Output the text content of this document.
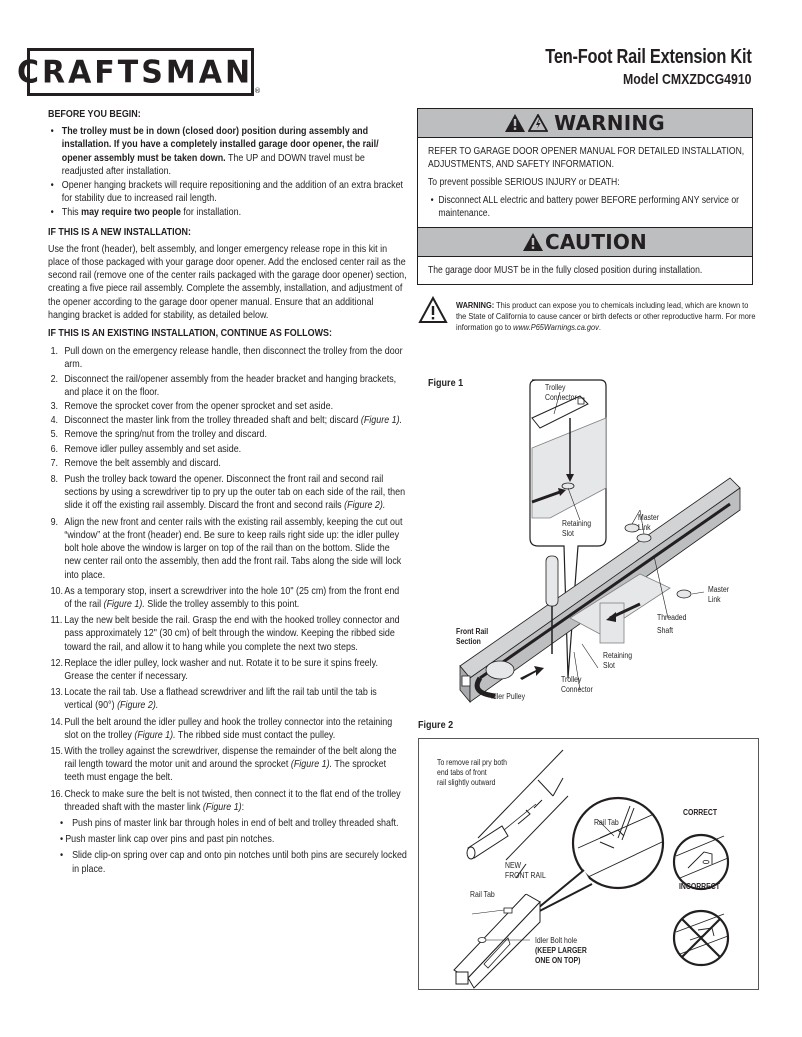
$CRAFTSMAN_®$
Ten-Foot Rail Extension Kit
Model CMXZDCG4910
BEFORE YOU BEGIN:
• The trolley must be in down (closed door) position during assembly and installation. If you have a completely installed garage door opener, the rail/ opener assembly must be taken down. The UP and DOWN travel must be readjusted after installation.
• Opener hanging brackets will require repositioning and the addition of an extra bracket for stability due to increased rail length.
• This may require two people for installation.
IF THIS IS A NEW INSTALLATION:
Use the front (header), belt assembly, and longer emergency release rope in this kit in place of those packaged with your garage door opener. Add the enclosed center rail as the second rail (remove one of the center rails packaged with the garage door opener) section, creating a five piece rail assembly. Complete the assembly, installation, and adjustment of the opener according to the garage door opener manual. Ensure that an additional hanging bracket is added for stability, as detailed below.
IF THIS IS AN EXISTING INSTALLATION, CONTINUE AS FOLLOWS:
1. Pull down on the emergency release handle, then disconnect the trolley from the door arm.
2. Disconnect the rail/opener assembly from the header bracket and hanging brackets, and place it on the floor.
3. Remove the sprocket cover from the opener sprocket and set aside.
4. Disconnect the master link from the trolley threaded shaft and belt; discard (Figure 1).
5. Remove the spring/nut from the trolley and discard.
6. Remove idler pulley assembly and set aside.
7. Remove the belt assembly and discard.
8. Push the trolley back toward the opener. Disconnect the front rail and second rail sections by using a screwdriver tip to pry up the outer tab on each side of the rail, then slide it off the existing rail assembly. Discard the front and second rails (Figure 2).
9. Align the new front and center rails with the existing rail assembly, keeping the cut out “window” at the front (header) end. Be sure to keep rails right side up: the idler pulley bolt hole above the window is larger on top of the rail than on the bottom. Slide the new center rail onto the assembly, then add the front rail. Tabs along the side will lock into place.
10. As a temporary stop, insert a screwdriver into the hole 10" (25 cm) from the front end of the rail (Figure 1). Slide the trolley assembly to this point.
11. Lay the new belt beside the rail. Grasp the end with the hooked trolley connector and pass approximately 12" (30 cm) of belt through the window. Keeping the ribbed side toward the rail, and allow it to hang while you complete the next two steps.
12. Replace the idler pulley, lock washer and nut. Rotate it to be sure it spins freely. Grease the center if necessary.
13. Locate the rail tab. Use a flathead screwdriver and lift the rail tab until the tab is vertical (90°) (Figure 2).
14. Pull the belt around the idler pulley and hook the trolley connector into the retaining slot on the trolley (Figure 1). The ribbed side must contact the pulley.
15. With the trolley against the screwdriver, dispense the remainder of the belt along the rail length toward the motor unit and around the sprocket (Figure 1). The sprocket teeth must engage the belt.
16. Check to make sure the belt is not twisted, then connect it to the flat end of the trolley threaded shaft with the master link (Figure 1):
• Push pins of master link bar through holes in end of belt and trolley threaded shaft.
• Push master link cap over pins and past pin notches.
• Slide clip-on spring over cap and onto pin notches until both pins are securely locked in place.
WARNING

REFER TO GARAGE DOOR OPENER MANUAL FOR DETAILED INSTALLATION, ADJUSTMENTS, AND SAFETY INFORMATION.

To prevent possible SERIOUS INJURY or DEATH:

• Disconnect ALL electric and battery power BEFORE performing ANY service or maintenance.
CAUTION
The garage door MUST be in the fully closed position during installation.
WARNING: This product can expose you to chemicals including lead, which are known to the State of California to cause cancer or birth defects or other reproductive harm. For more information go to www.P65Warnings.ca.gov.
Figure 1	Trolley
Connector
Retaining
Slot
Master
Link
Master
Link
Threaded
Shaft
Front Rail
Section
Retaining
Slot
Trolley
Connector
Idler Pulley
Figure 2
To remove rail pry both
end tabs of front
rail slightly outward
Rail Tab
NEW
FRONT RAIL
Rail Tab
Idler Bolt hole
(KEEP LARGER
ONE ON TOP)
CORRECT
INCORRECT
